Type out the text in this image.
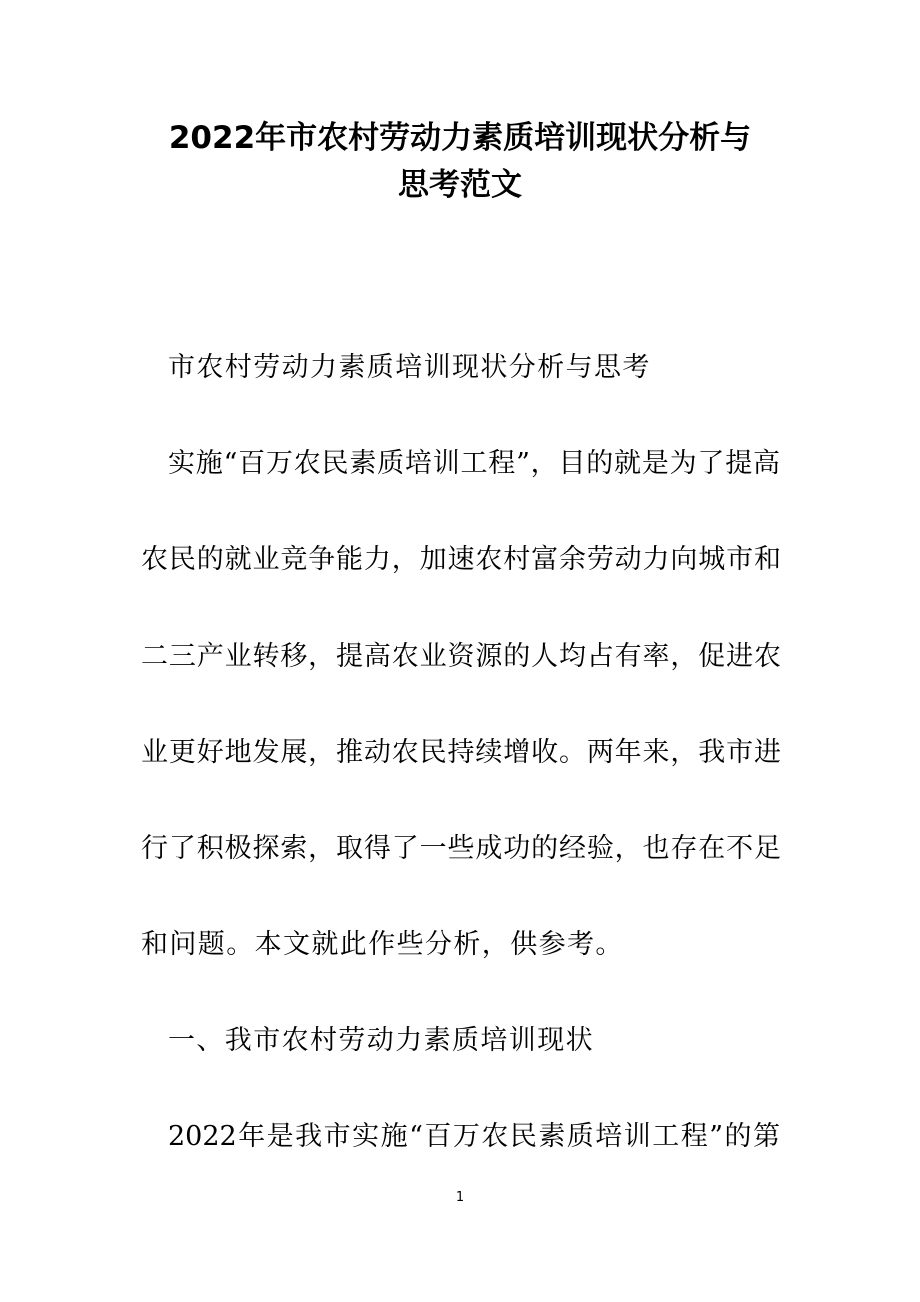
2022年市农村劳动力素质培训现状分析与
思考范文
市农村劳动力素质培训现状分析与思考
实施“百万农民素质培训工程”，目的就是为了提高
农民的就业竞争能力，加速农村富余劳动力向城市和
二三产业转移，提高农业资源的人均占有率，促进农
业更好地发展，推动农民持续增收。两年来，我市进
行了积极探索，取得了一些成功的经验，也存在不足
和问题。本文就此作些分析，供参考。
一、我市农村劳动力素质培训现状
2022年是我市实施“百万农民素质培训工程”的第
1
